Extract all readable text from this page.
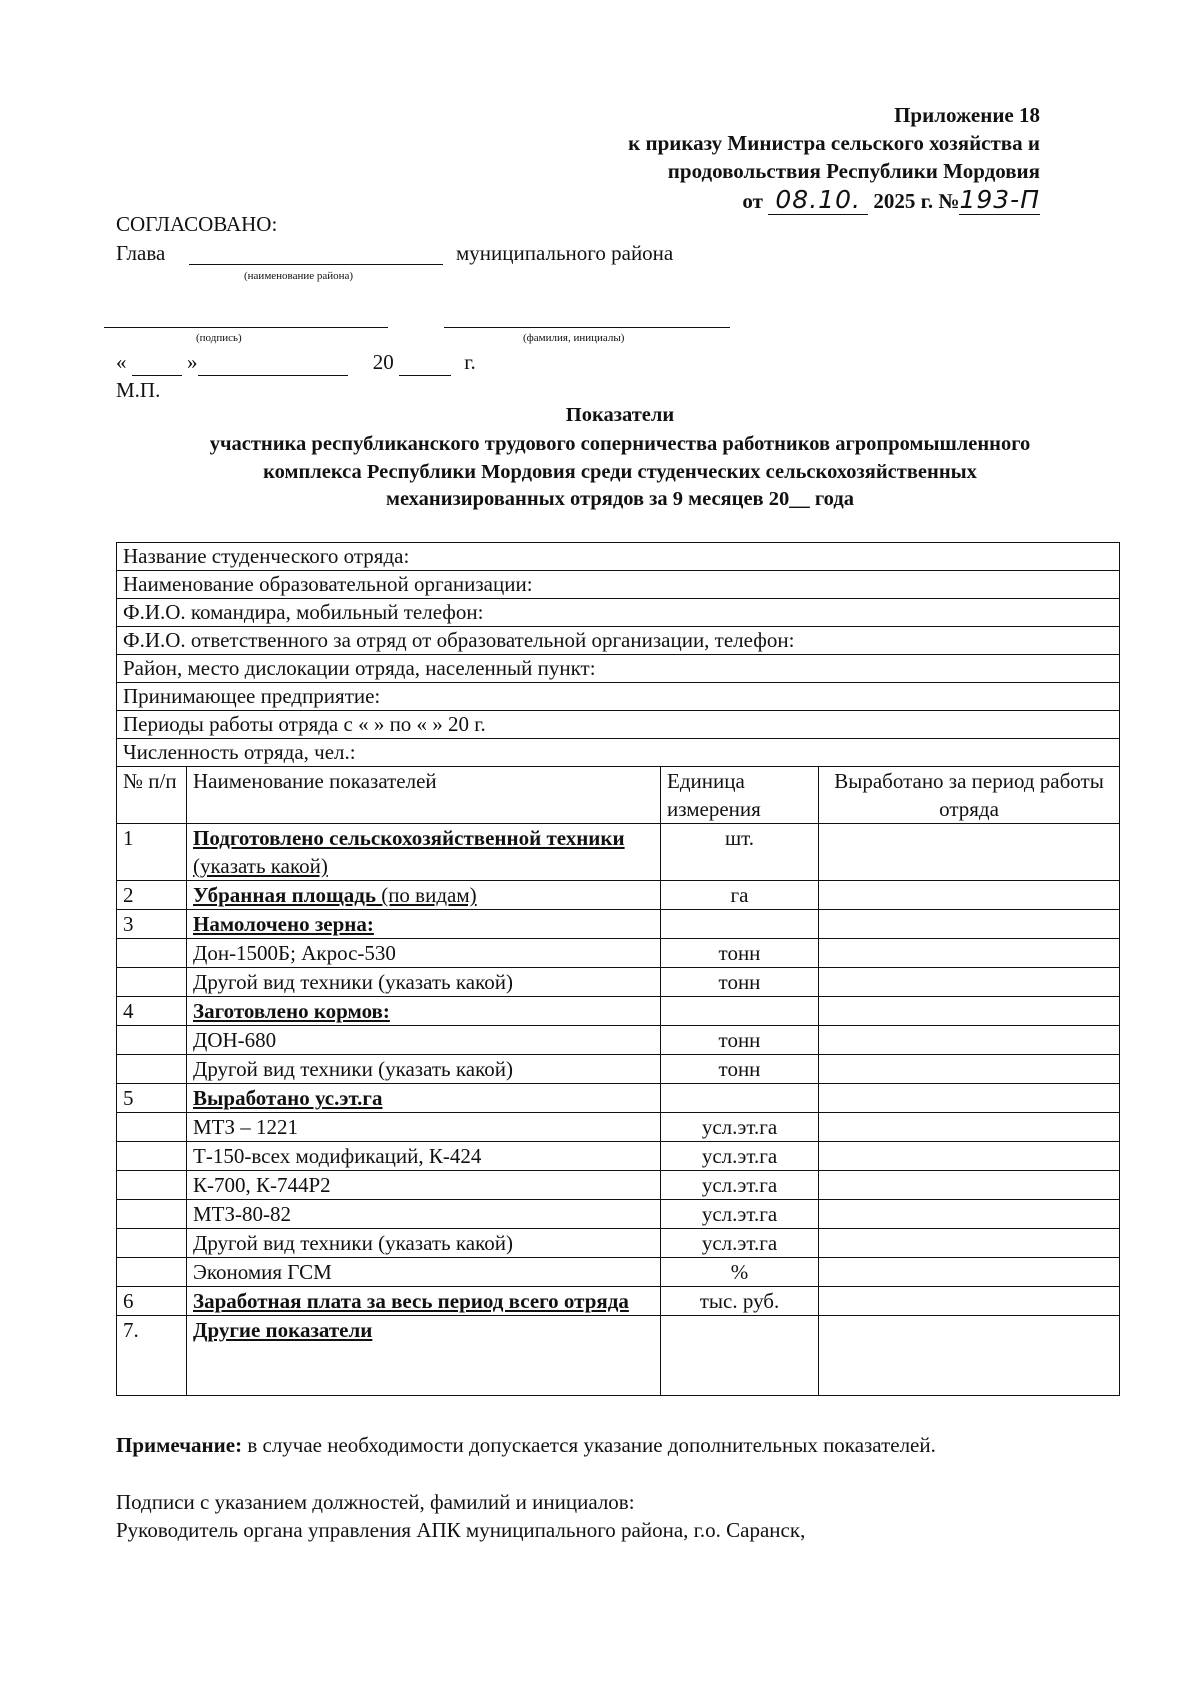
Приложение 18
к приказу Министра сельского хозяйства и
продовольствия Республики Мордовия
от 08.10. 2025 г. №193-П
СОГЛАСОВАНО:
Глава	муниципального района
(наименование района)
(подпись)	(фамилия, инициалы)
«	»	20	г.
М.П.
Показатели
участника республиканского трудового соперничества работников агропромышленного
комплекса Республики Мордовия среди студенческих сельскохозяйственных
механизированных отрядов за 9 месяцев 20__ года
Название студенческого отряда:			
Наименование образовательной организации:			
Ф.И.О. командира, мобильный телефон:			
Ф.И.О. ответственного за отряд от образовательной организации, телефон:			
Район, место дислокации отряда, населенный пункт:			
Принимающее предприятие:			
Периоды работы отряда с « » по « » 20 г.			
Численность отряда, чел.:			
№ п/п	Наименование показателей	Единица измерения	Выработано за период работы отряда
1	Подготовлено сельскохозяйственной техники (указать какой)	шт.	
2	Убранная площадь (по видам)	га	
3	Намолочено зерна:		
	Дон-1500Б; Акрос-530	тонн	
	Другой вид техники (указать какой)	тонн	
4	Заготовлено кормов:		
	ДОН-680	тонн	
	Другой вид техники (указать какой)	тонн	
5	Выработано ус.эт.га		
	МТЗ – 1221	усл.эт.га	
	Т-150-всех модификаций, К-424	усл.эт.га	
	К-700, К-744Р2	усл.эт.га	
	МТЗ-80-82	усл.эт.га	
	Другой вид техники (указать какой)	усл.эт.га	
	Экономия ГСМ	%	
6	Заработная плата за весь период всего отряда	тыс. руб.	
7.	Другие показатели		
Примечание: в случае необходимости допускается указание дополнительных показателей.
Подписи с указанием должностей, фамилий и инициалов:
Руководитель органа управления АПК муниципального района, г.о. Саранск,
